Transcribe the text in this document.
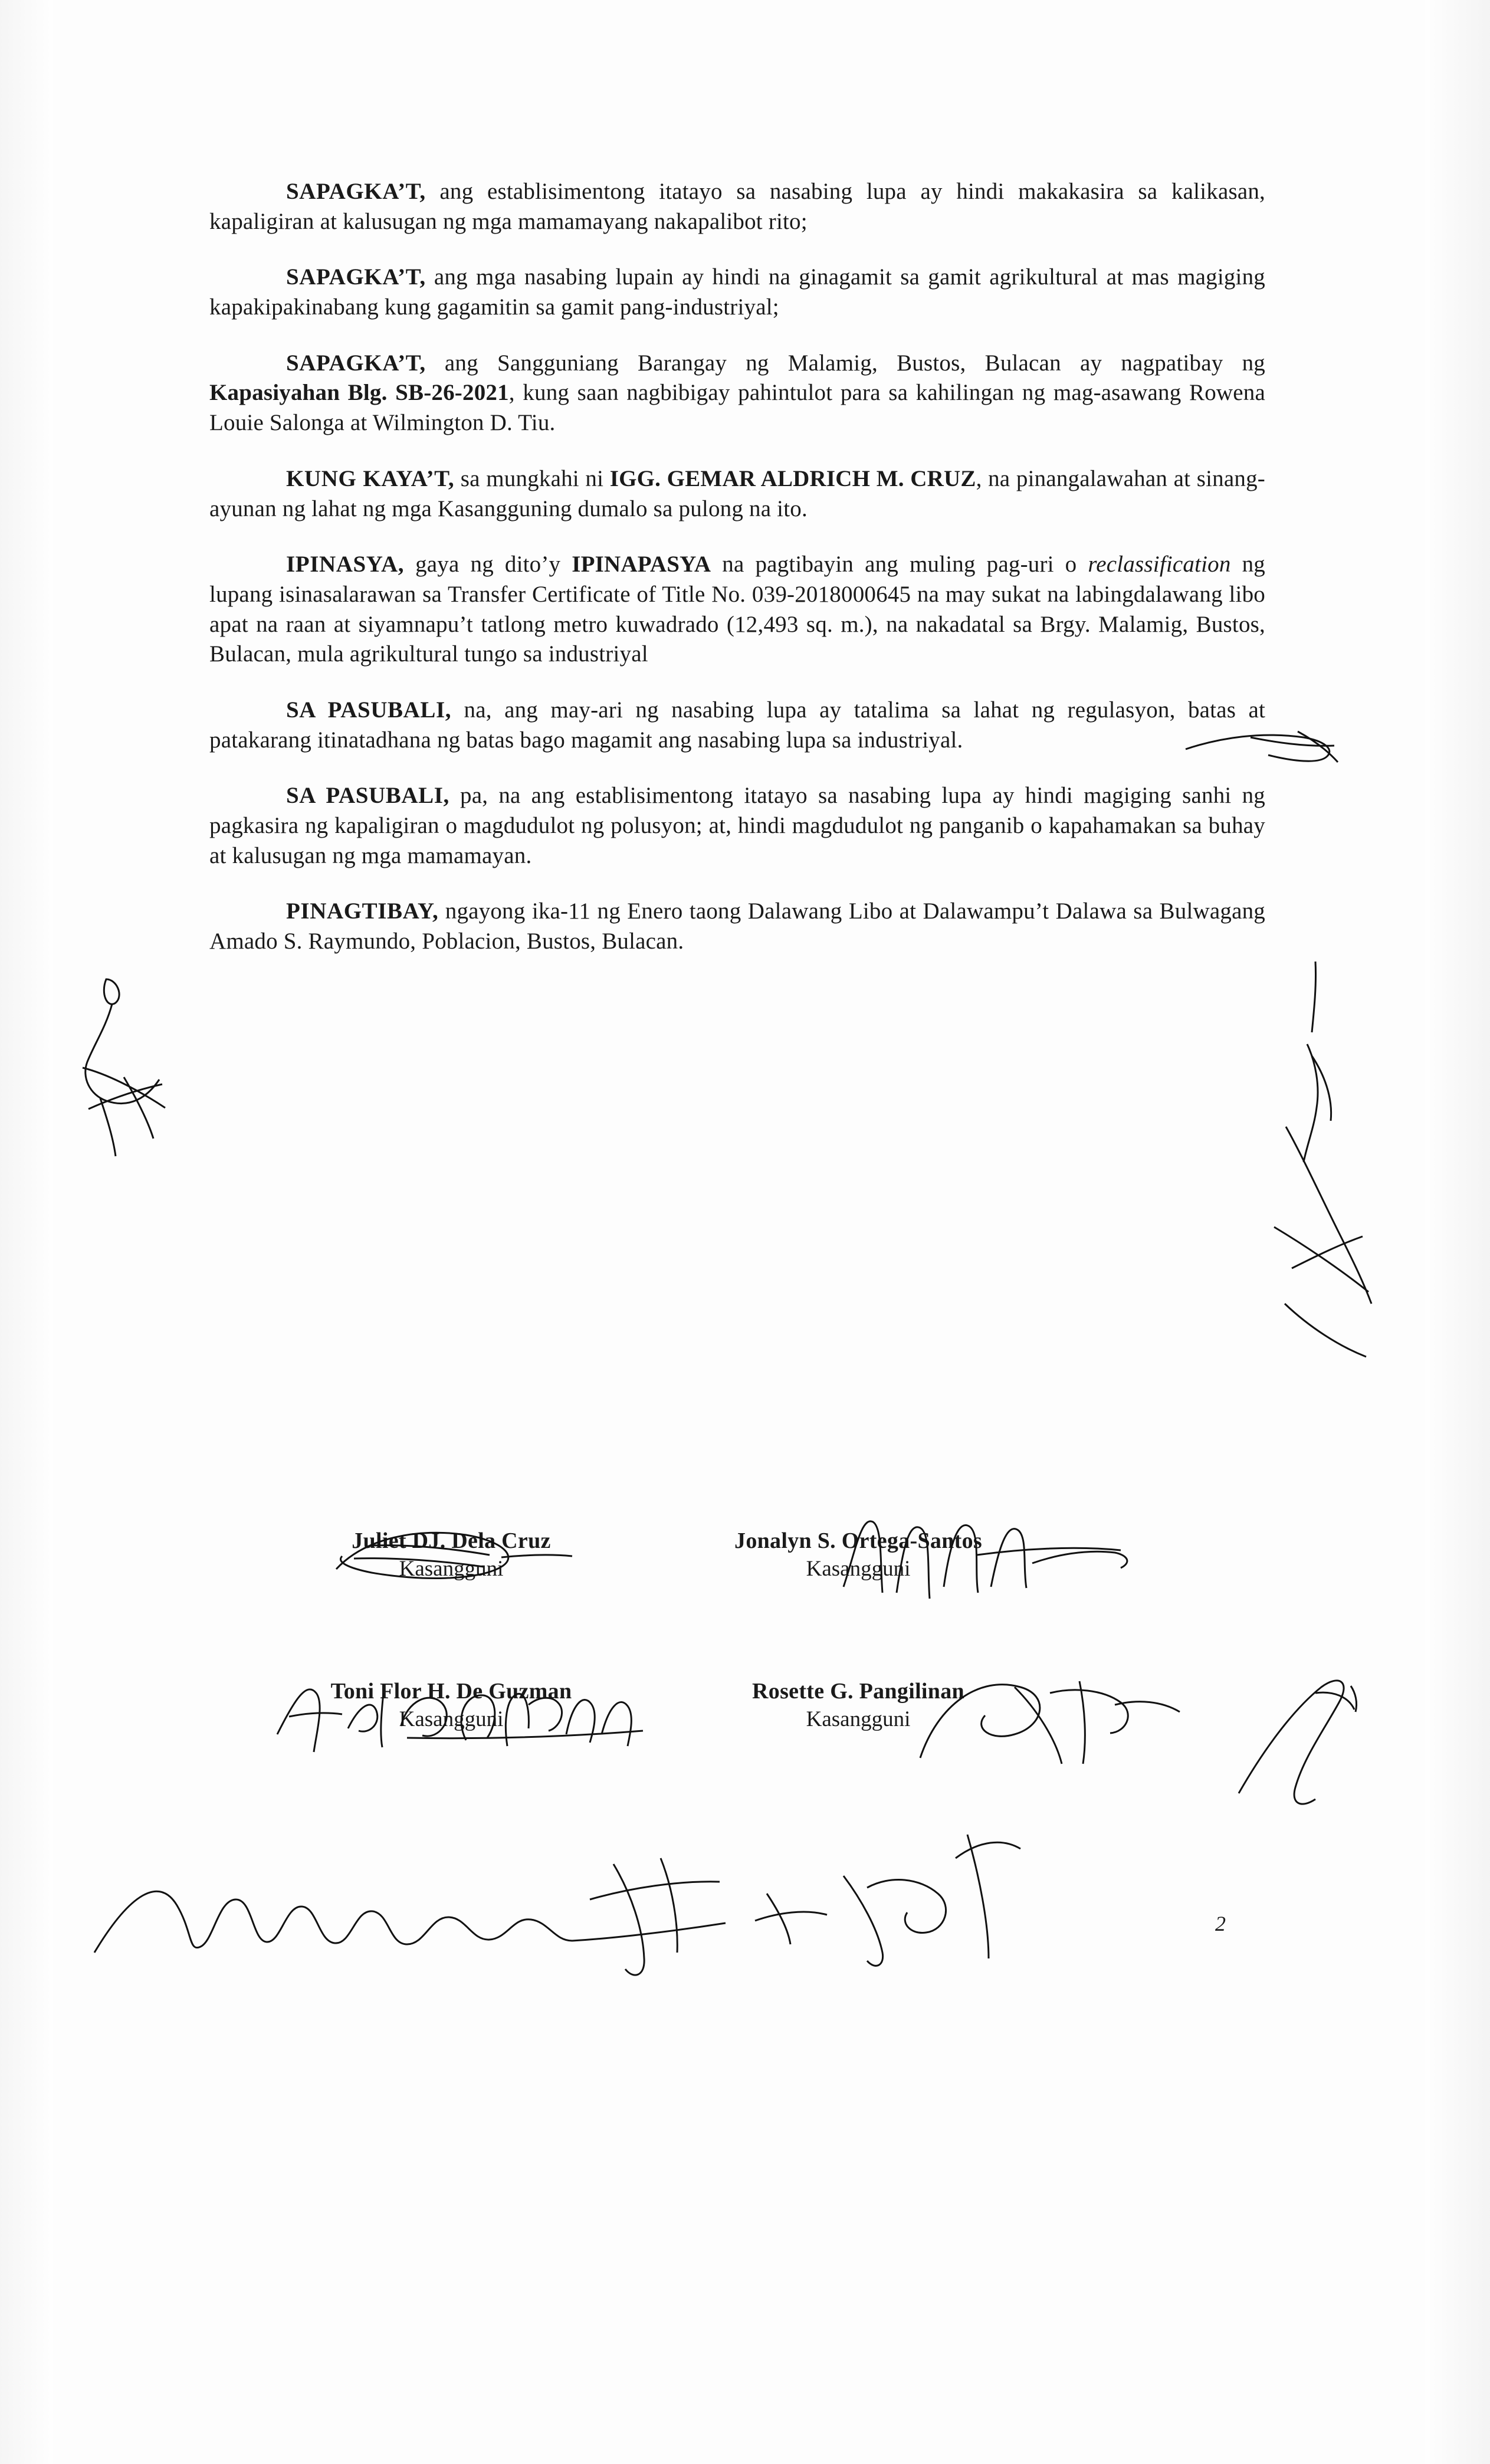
SAPAGKA’T, ang establisimentong itatayo sa nasabing lupa ay hindi makakasira sa kalikasan, kapaligiran at kalusugan ng mga mamamayang nakapalibot rito;

SAPAGKA’T, ang mga nasabing lupain ay hindi na ginagamit sa gamit agrikultural at mas magiging kapakipakinabang kung gagamitin sa gamit pang-industriyal;

SAPAGKA’T, ang Sangguniang Barangay ng Malamig, Bustos, Bulacan ay nagpatibay ng Kapasiyahan Blg. SB-26-2021, kung saan nagbibigay pahintulot para sa kahilingan ng mag-asawang Rowena Louie Salonga at Wilmington D. Tiu.

KUNG KAYA’T, sa mungkahi ni IGG. GEMAR ALDRICH M. CRUZ, na pinangalawahan at sinang-ayunan ng lahat ng mga Kasangguning dumalo sa pulong na ito.

IPINASYA, gaya ng dito’y IPINAPASYA na pagtibayin ang muling pag-uri o reclassification ng lupang isinasalarawan sa Transfer Certificate of Title No. 039-2018000645 na may sukat na labingdalawang libo apat na raan at siyamnapu’t tatlong metro kuwadrado (12,493 sq. m.), na nakadatal sa Brgy. Malamig, Bustos, Bulacan, mula agrikultural tungo sa industriyal

SA PASUBALI, na, ang may-ari ng nasabing lupa ay tatalima sa lahat ng regulasyon, batas at patakarang itinatadhana ng batas bago magamit ang nasabing lupa sa industriyal.

SA PASUBALI, pa, na ang establisimentong itatayo sa nasabing lupa ay hindi magiging sanhi ng pagkasira ng kapaligiran o magdudulot ng polusyon; at, hindi magdudulot ng panganib o kapahamakan sa buhay at kalusugan ng mga mamamayan.

PINAGTIBAY, ngayong ika-11 ng Enero taong Dalawang Libo at Dalawampu’t Dalawa sa Bulwagang Amado S. Raymundo, Poblacion, Bustos, Bulacan.

Juliet DJ. Dela Cruz
Kasangguni
Jonalyn S. Ortega-Santos
Kasangguni
Toni Flor H. De Guzman
Kasangguni
Rosette G. Pangilinan
Kasangguni
2
